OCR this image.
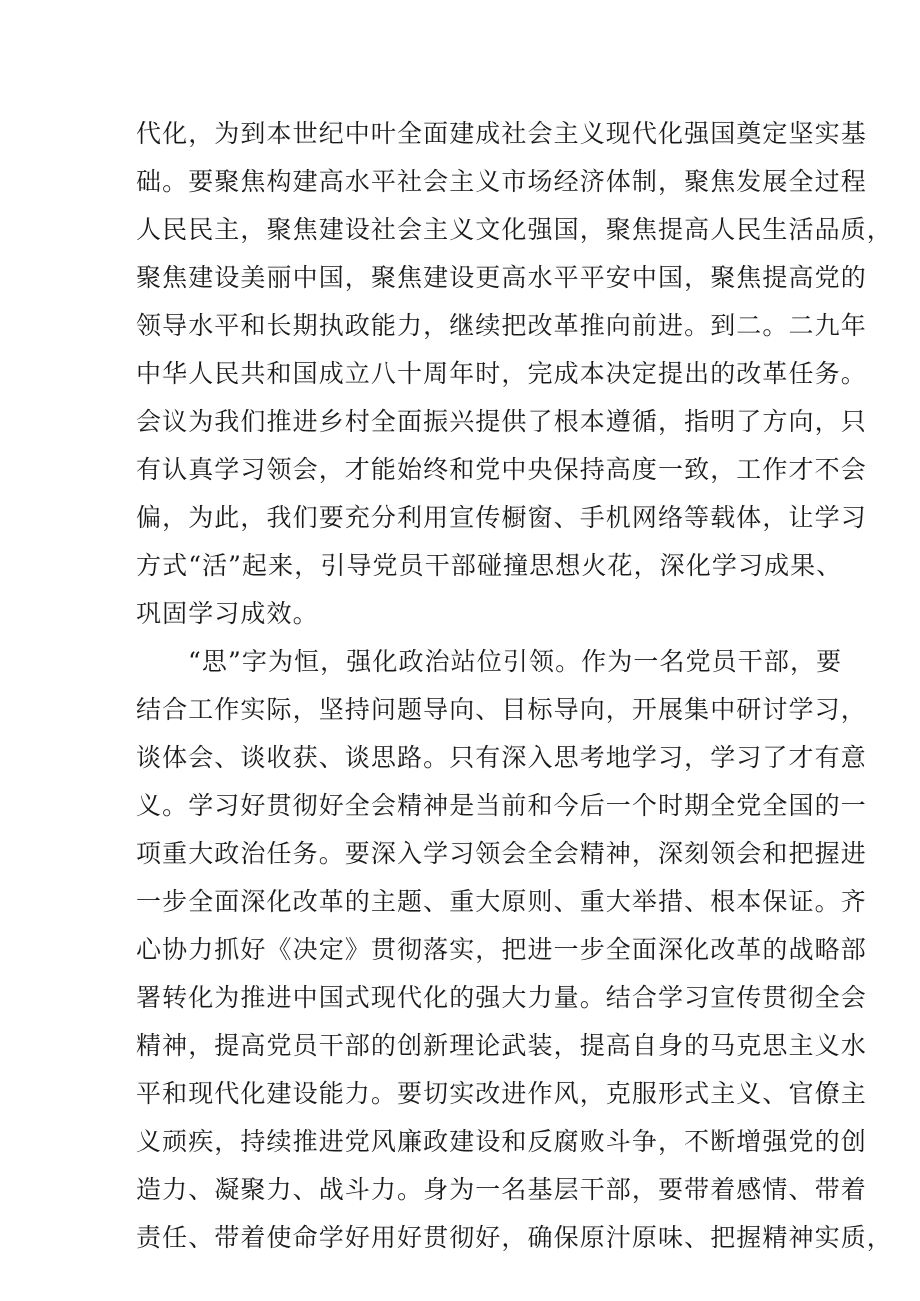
代化，为到本世纪中叶全面建成社会主义现代化强国奠定坚实基
础。要聚焦构建高水平社会主义市场经济体制，聚焦发展全过程
人民民主，聚焦建设社会主义文化强国，聚焦提高人民生活品质，
聚焦建设美丽中国，聚焦建设更高水平平安中国，聚焦提高党的
领导水平和长期执政能力，继续把改革推向前进。到二。二九年
中华人民共和国成立八十周年时，完成本决定提出的改革任务。
会议为我们推进乡村全面振兴提供了根本遵循，指明了方向，只
有认真学习领会，才能始终和党中央保持高度一致，工作才不会
偏，为此，我们要充分利用宣传橱窗、手机网络等载体，让学习
方式“活”起来，引导党员干部碰撞思想火花，深化学习成果、
巩固学习成效。
“思”字为恒，强化政治站位引领。作为一名党员干部，要
结合工作实际，坚持问题导向、目标导向，开展集中研讨学习，
谈体会、谈收获、谈思路。只有深入思考地学习，学习了才有意
义。学习好贯彻好全会精神是当前和今后一个时期全党全国的一
项重大政治任务。要深入学习领会全会精神，深刻领会和把握进
一步全面深化改革的主题、重大原则、重大举措、根本保证。齐
心协力抓好《决定》贯彻落实，把进一步全面深化改革的战略部
署转化为推进中国式现代化的强大力量。结合学习宣传贯彻全会
精神，提高党员干部的创新理论武装，提高自身的马克思主义水
平和现代化建设能力。要切实改进作风，克服形式主义、官僚主
义顽疾，持续推进党风廉政建设和反腐败斗争，不断增强党的创
造力、凝聚力、战斗力。身为一名基层干部，要带着感情、带着
责任、带着使命学好用好贯彻好，确保原汁原味、把握精神实质，
